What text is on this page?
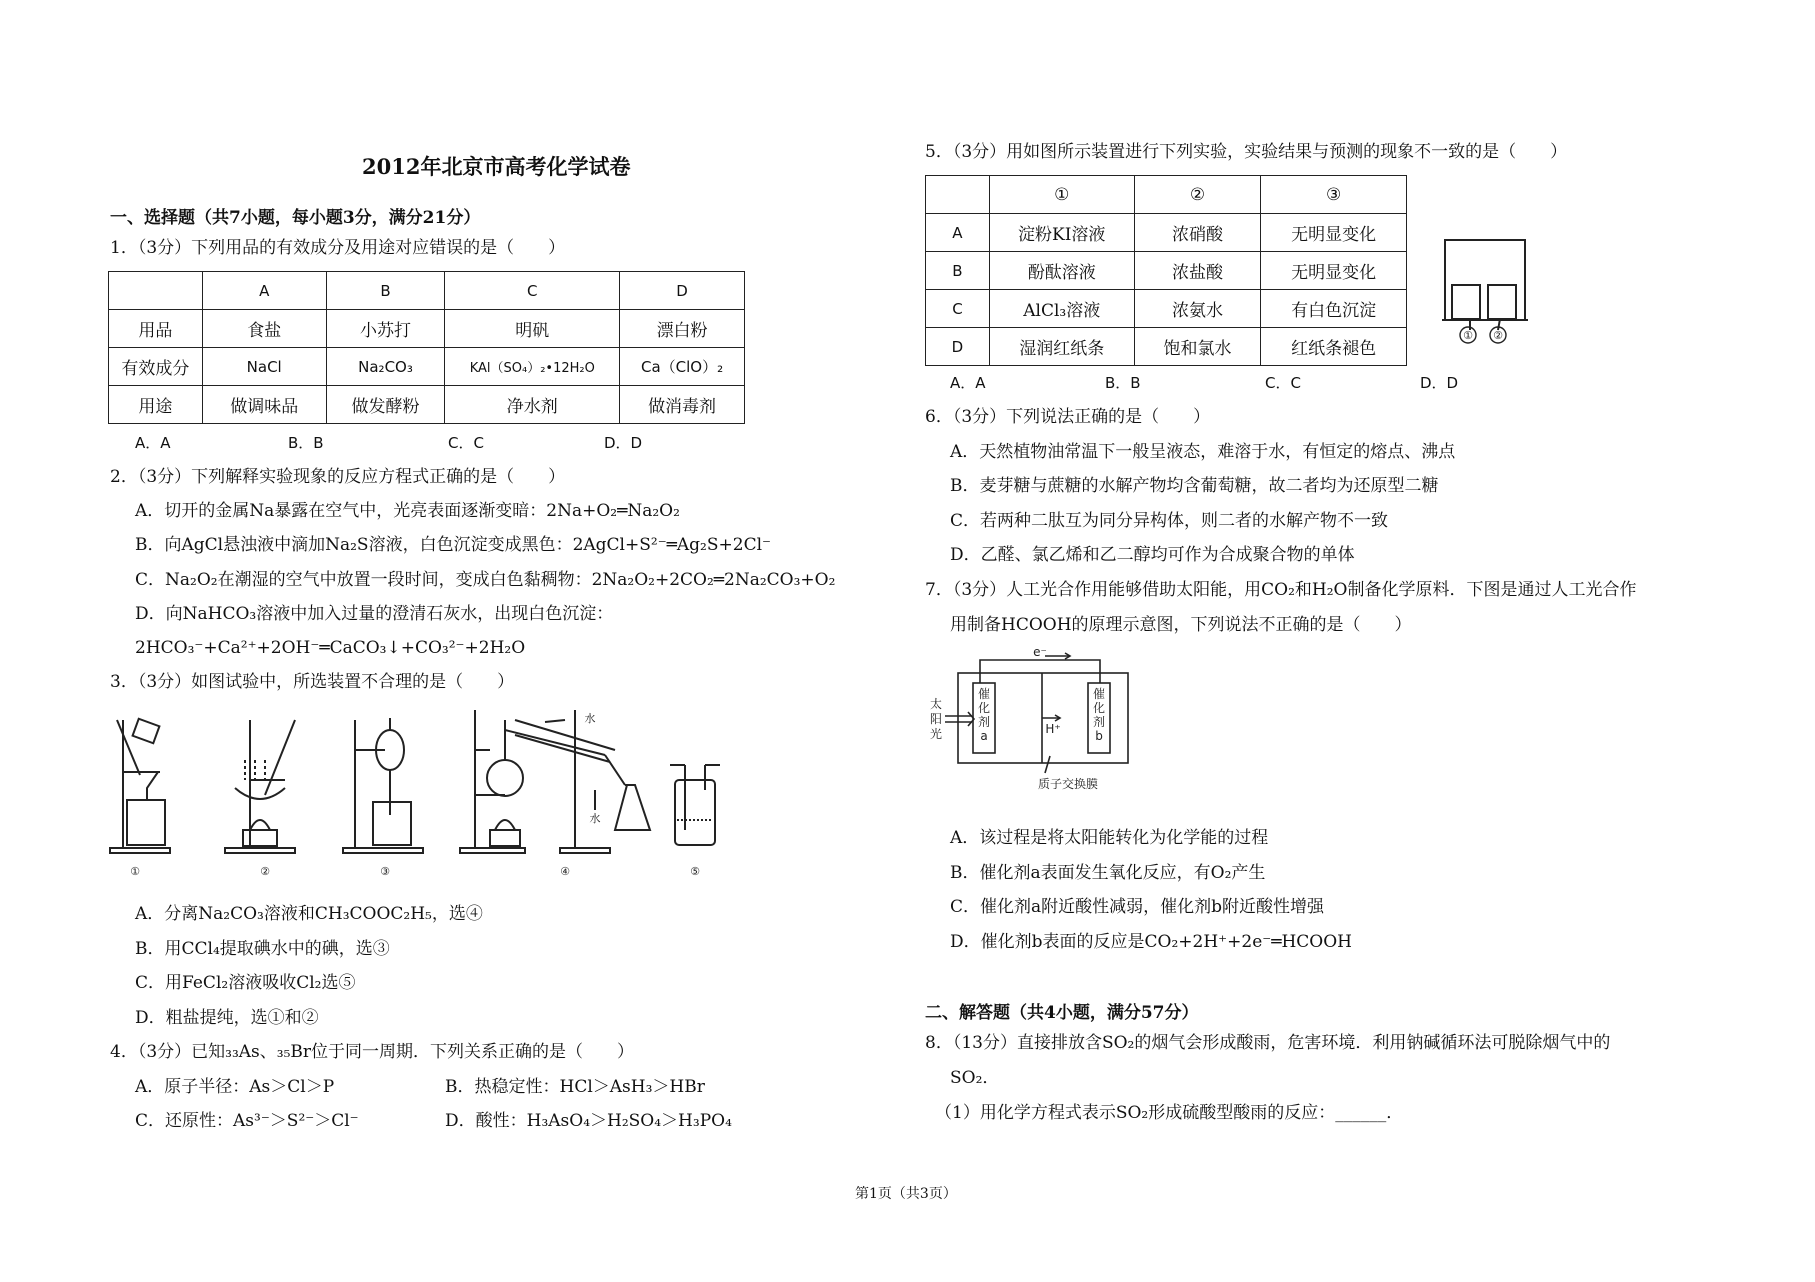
2012年北京市高考化学试卷
一、选择题（共7小题，每小题3分，满分21分）
1．（3分）下列用品的有效成分及用途对应错误的是（　　）
	A	B	C	D
用品	食盐	小苏打	明矾	漂白粉
有效成分	NaCl	Na₂CO₃	KAl（SO₄）₂•12H₂O	Ca（ClO）₂
用途	做调味品	做发酵粉	净水剂	做消毒剂
A．A	B．B	C．C	D．D
2．（3分）下列解释实验现象的反应方程式正确的是（　　）
A．切开的金属Na暴露在空气中，光亮表面逐渐变暗：2Na+O₂═Na₂O₂
B．向AgCl悬浊液中滴加Na₂S溶液，白色沉淀变成黑色：2AgCl+S²⁻═Ag₂S+2Cl⁻
C．Na₂O₂在潮湿的空气中放置一段时间，变成白色黏稠物：2Na₂O₂+2CO₂═2Na₂CO₃+O₂
D．向NaHCO₃溶液中加入过量的澄清石灰水，出现白色沉淀：
2HCO₃⁻+Ca²⁺+2OH⁻═CaCO₃↓+CO₃²⁻+2H₂O
3．（3分）如图试验中，所选装置不合理的是（　　）
水
水
①	②	③	④	⑤
A．分离Na₂CO₃溶液和CH₃COOC₂H₅，选④
B．用CCl₄提取碘水中的碘，选③
C．用FeCl₂溶液吸收Cl₂选⑤
D．粗盐提纯，选①和②
4．（3分）已知₃₃As、₃₅Br位于同一周期．下列关系正确的是（　　）
A．原子半径：As＞Cl＞P	B．热稳定性：HCl＞AsH₃＞HBr
C．还原性：As³⁻＞S²⁻＞Cl⁻	D．酸性：H₃AsO₄＞H₂SO₄＞H₃PO₄
5．（3分）用如图所示装置进行下列实验，实验结果与预测的现象不一致的是（　　）
	①	②	③
A	淀粉KI溶液	浓硝酸	无明显变化
B	酚酞溶液	浓盐酸	无明显变化
C	AlCl₃溶液	浓氨水	有白色沉淀
D	湿润红纸条	饱和氯水	红纸条褪色
① ②
A．A	B．B	C．C	D．D
6．（3分）下列说法正确的是（　　）
A．天然植物油常温下一般呈液态，难溶于水，有恒定的熔点、沸点
B．麦芽糖与蔗糖的水解产物均含葡萄糖，故二者均为还原型二糖
C．若两种二肽互为同分异构体，则二者的水解产物不一致
D．乙醛、氯乙烯和乙二醇均可作为合成聚合物的单体
7．（3分）人工光合作用能够借助太阳能，用CO₂和H₂O制备化学原料．下图是通过人工光合作
用制备HCOOH的原理示意图，下列说法不正确的是（　　）
e⁻
太
阳
光
催
化
剂
a
催
化
剂
b
H⁺
质子交换膜
A．该过程是将太阳能转化为化学能的过程
B．催化剂a表面发生氧化反应，有O₂产生
C．催化剂a附近酸性减弱，催化剂b附近酸性增强
D．催化剂b表面的反应是CO₂+2H⁺+2e⁻═HCOOH
二、解答题（共4小题，满分57分）
8．（13分）直接排放含SO₂的烟气会形成酸雨，危害环境．利用钠碱循环法可脱除烟气中的
SO₂．
（1）用化学方程式表示SO₂形成硫酸型酸雨的反应：______．
第1页（共3页）
